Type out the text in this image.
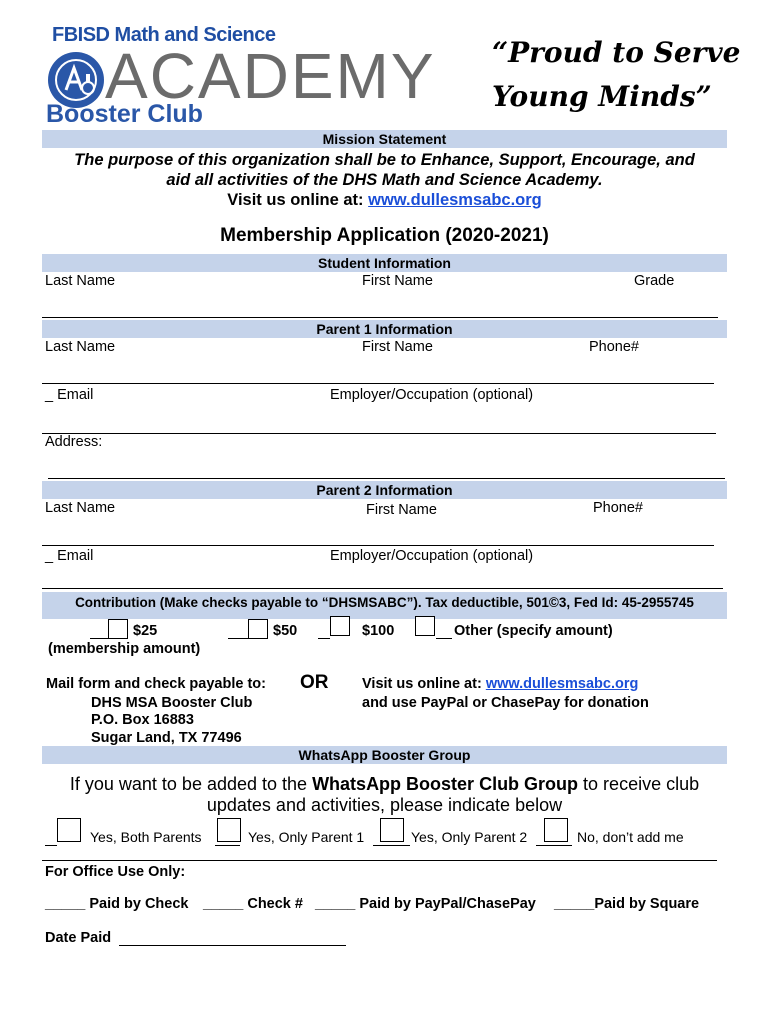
FBISD Math and Science
ACADEMY
Booster Club
“Proud to Serve
Young Minds”
Mission Statement
The purpose of this organization shall be to Enhance, Support, Encourage, and
aid all activities of the DHS Math and Science Academy.
Visit us online at: www.dullesmsabc.org
Membership Application (2020-2021)
Student Information
Last Name	First Name	Grade
Parent 1 Information
Last Name	First Name	Phone#
_ Email	Employer/Occupation (optional)
Address:
Parent 2 Information
Last Name	First Name	Phone#
_ Email	Employer/Occupation (optional)
Contribution (Make checks payable to “DHSMSABC”). Tax deductible, 501©3, Fed Id: 45-2955745
$25
(membership amount)
$50	$100	Other (specify amount)
Mail form and check payable to:
DHS MSA Booster Club
P.O. Box 16883
Sugar Land, TX 77496
OR Visit us online at: www.dullesmsabc.org
and use PayPal or ChasePay for donation
WhatsApp Booster Group
If you want to be added to the WhatsApp Booster Club Group to receive club
updates and activities, please indicate below
Yes, Both Parents	Yes, Only Parent 1	Yes, Only Parent 2	No, don’t add me
For Office Use Only:
_____ Paid by Check _____ Check # _____ Paid by PayPal/ChasePay _____Paid by Square
Date Paid
